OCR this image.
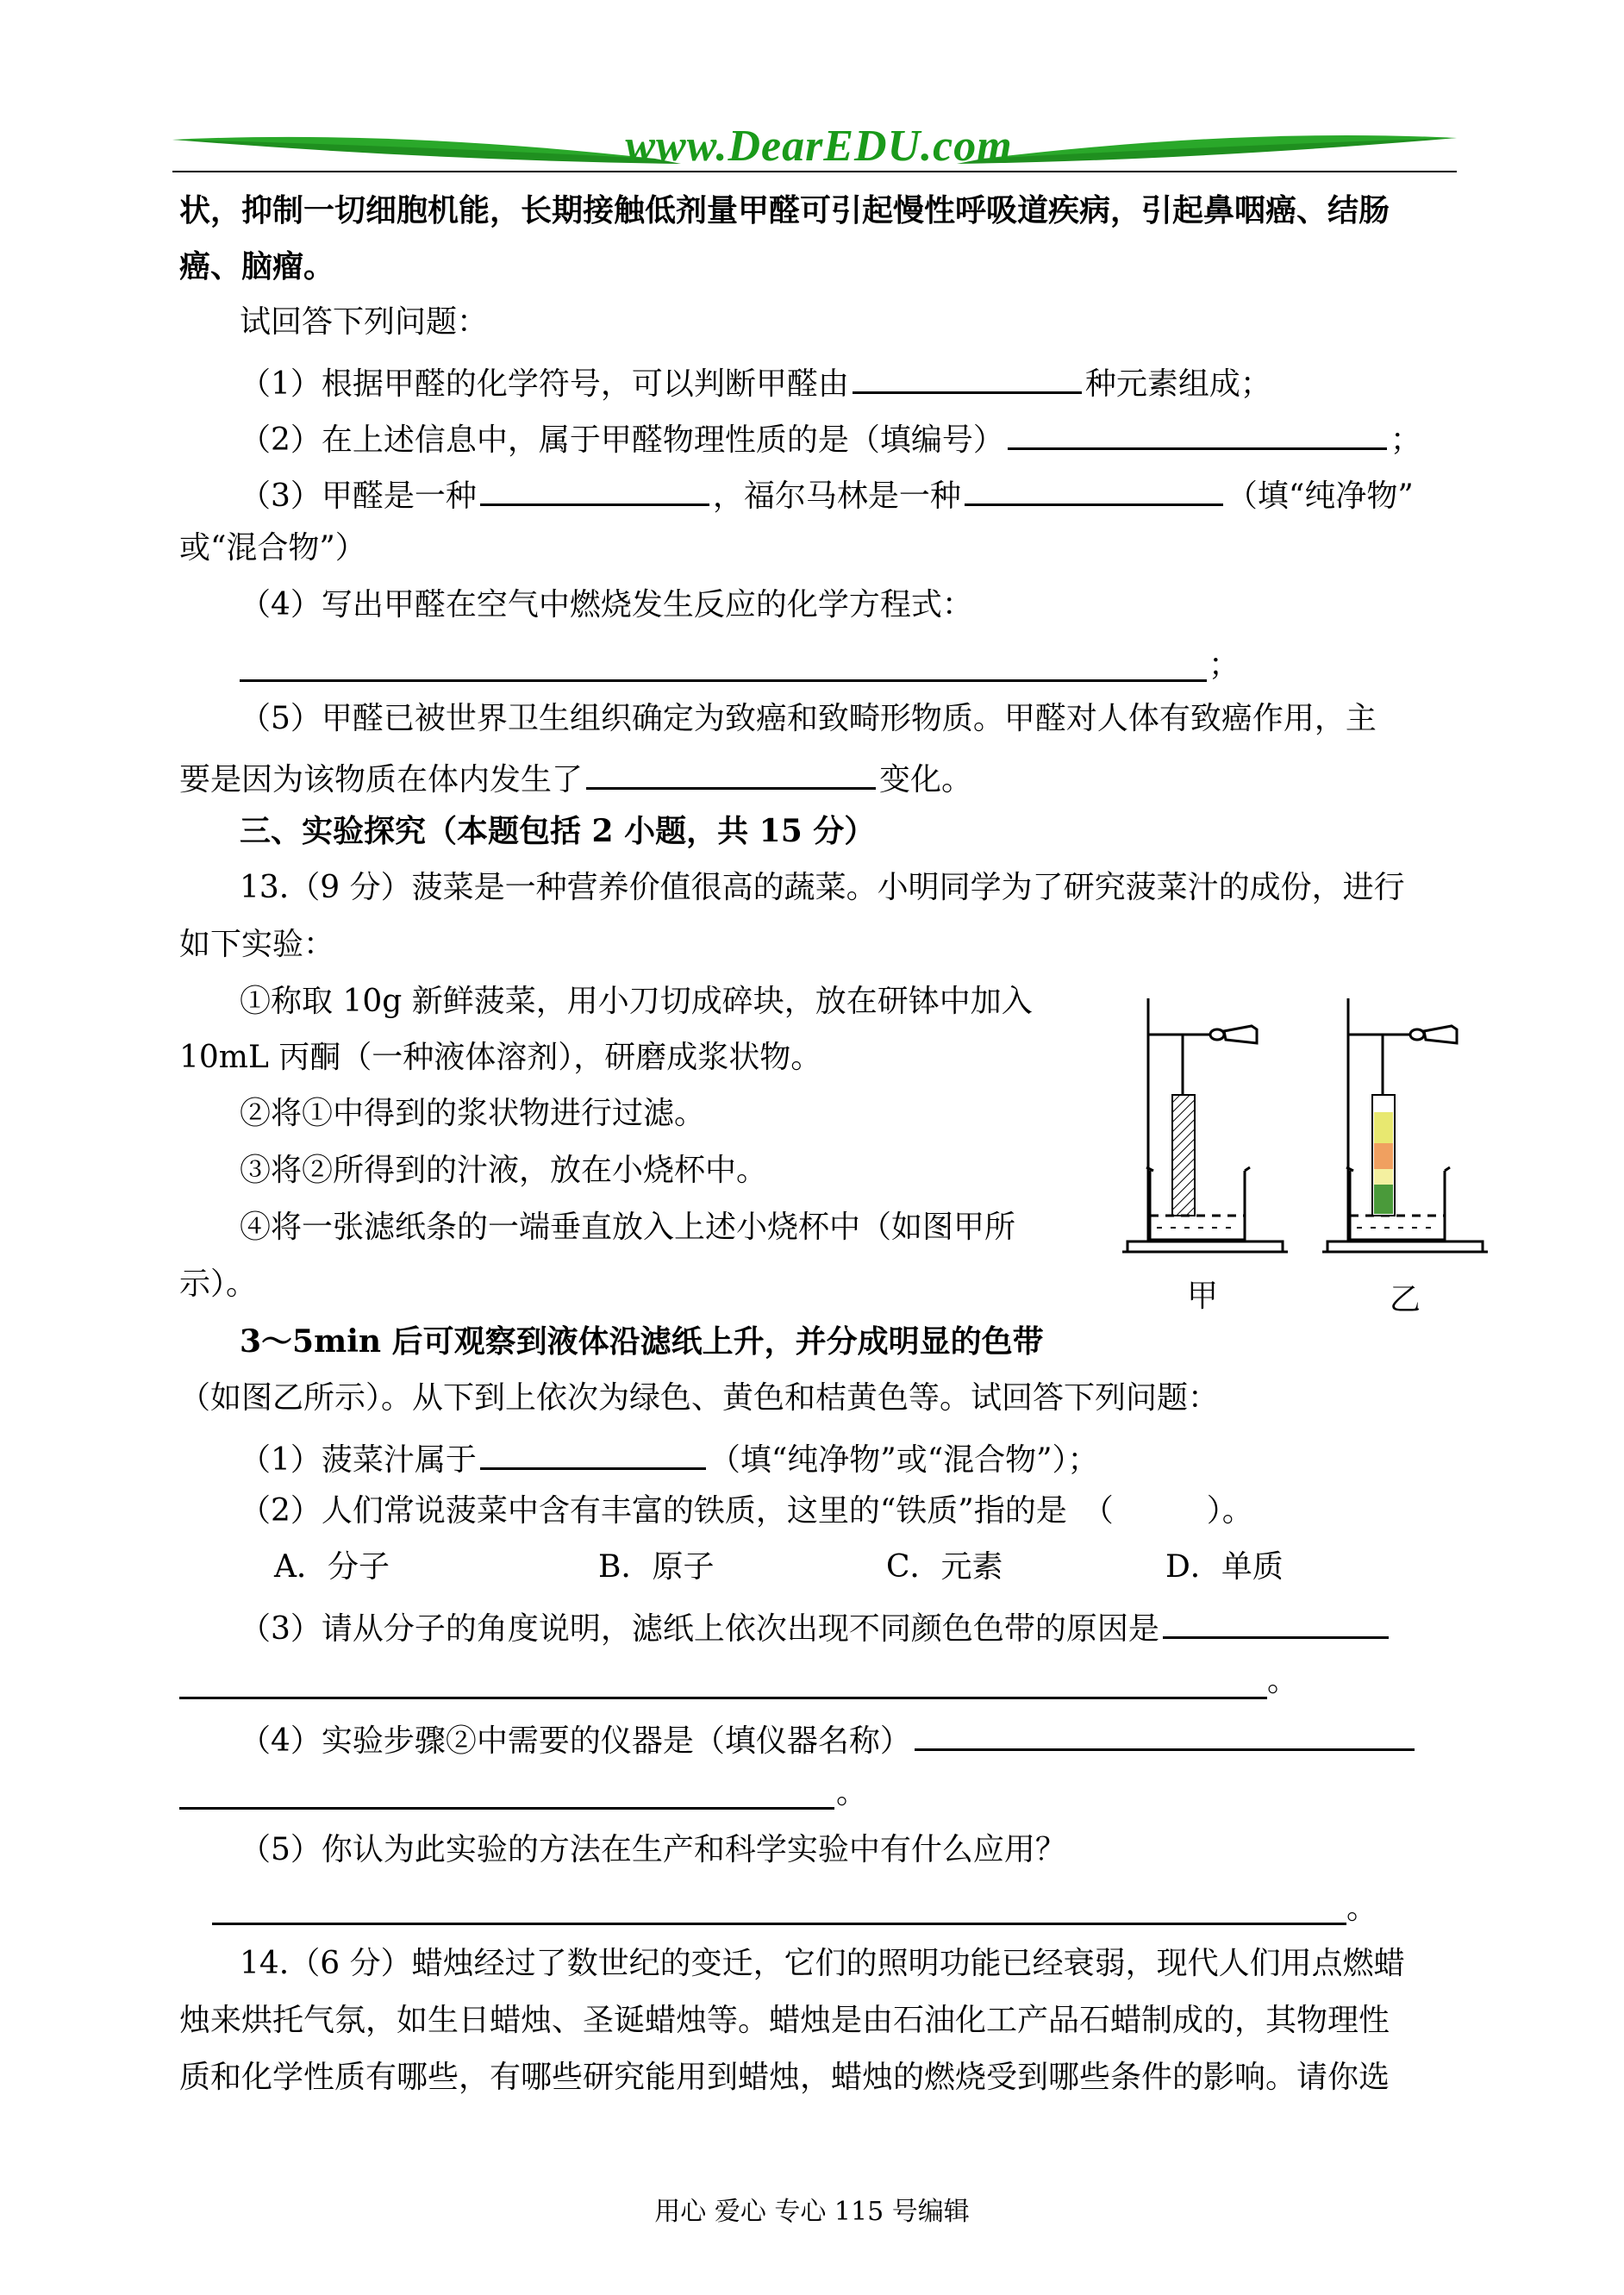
www.DearEDU.com
状，抑制一切细胞机能，长期接触低剂量甲醛可引起慢性呼吸道疾病，引起鼻咽癌、结肠
癌、脑瘤。
试回答下列问题：
（1）根据甲醛的化学符号，可以判断甲醛由	种元素组成；
（2）在上述信息中，属于甲醛物理性质的是（填编号）	；
（3）甲醛是一种	，福尔马林是一种	（填“纯净物”
或“混合物”）
（4）写出甲醛在空气中燃烧发生反应的化学方程式：
；
（5）甲醛已被世界卫生组织确定为致癌和致畸形物质。甲醛对人体有致癌作用，主
要是因为该物质在体内发生了	变化。
三、实验探究（本题包括 2 小题，共 15 分）
13.（9 分）菠菜是一种营养价值很高的蔬菜。小明同学为了研究菠菜汁的成份，进行
如下实验：
①称取 10g 新鲜菠菜，用小刀切成碎块，放在研钵中加入
10mL 丙酮（一种液体溶剂），研磨成浆状物。
②将①中得到的浆状物进行过滤。
③将②所得到的汁液，放在小烧杯中。
④将一张滤纸条的一端垂直放入上述小烧杯中（如图甲所
示）。	甲	乙
3～5min 后可观察到液体沿滤纸上升，并分成明显的色带
（如图乙所示）。从下到上依次为绿色、黄色和桔黄色等。试回答下列问题：
（1）菠菜汁属于	（填“纯净物”或“混合物”）；
（2）人们常说菠菜中含有丰富的铁质，这里的“铁质”指的是　（　　　）。
A．分子	B．原子	C．元素	D．单质
（3）请从分子的角度说明，滤纸上依次出现不同颜色色带的原因是
。
（4）实验步骤②中需要的仪器是（填仪器名称）
。
（5）你认为此实验的方法在生产和科学实验中有什么应用？
。
14.（6 分）蜡烛经过了数世纪的变迁，它们的照明功能已经衰弱，现代人们用点燃蜡
烛来烘托气氛，如生日蜡烛、圣诞蜡烛等。蜡烛是由石油化工产品石蜡制成的，其物理性
质和化学性质有哪些，有哪些研究能用到蜡烛，蜡烛的燃烧受到哪些条件的影响。请你选
用心 爱心 专心 115 号编辑
